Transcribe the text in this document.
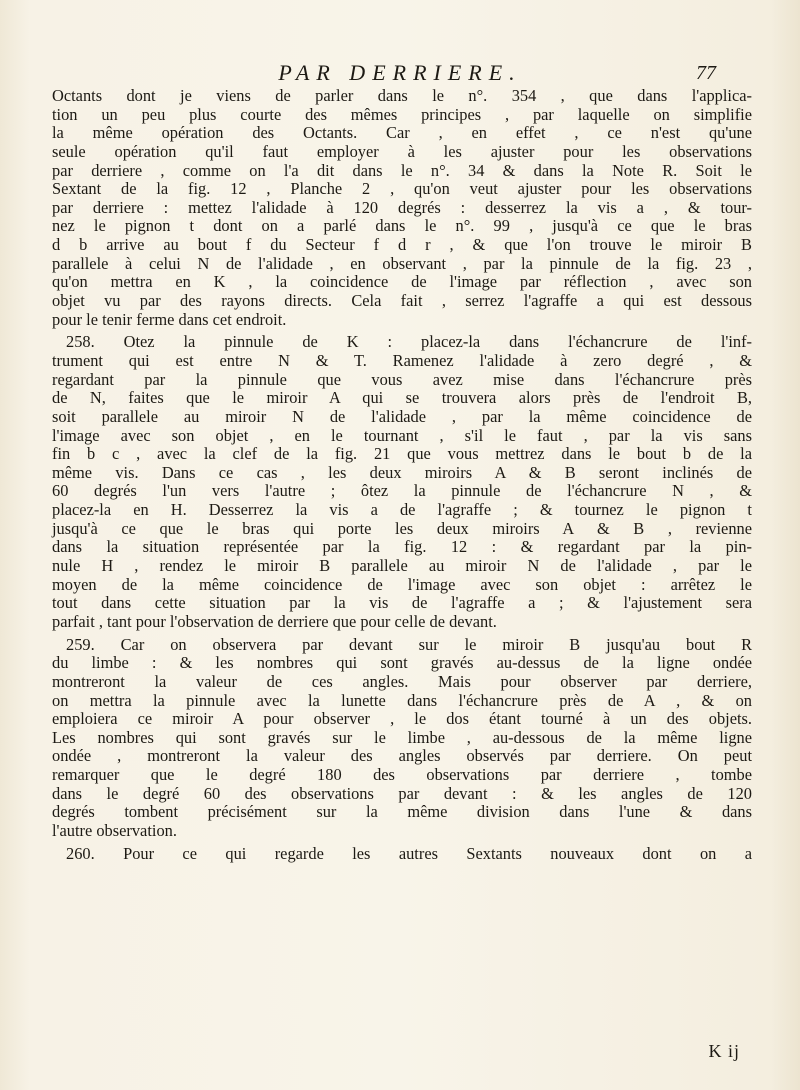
PAR DERRIERE.	77
Octants dont je viens de parler dans le n°. 354 , que dans l'applica-
tion un peu plus courte des mêmes principes , par laquelle on simplifie
la même opération des Octants. Car , en effet , ce n'est qu'une
seule opération qu'il faut employer à les ajuster pour les observations
par derriere , comme on l'a dit dans le n°. 34 & dans la Note R. Soit le
Sextant de la fig. 12 , Planche 2 , qu'on veut ajuster pour les observations
par derriere : mettez l'alidade à 120 degrés : desserrez la vis a , & tour-
nez le pignon t dont on a parlé dans le n°. 99 , jusqu'à ce que le bras
d b arrive au bout f du Secteur f d r , & que l'on trouve le miroir B
parallele à celui N de l'alidade , en observant , par la pinnule de la fig. 23 ,
qu'on mettra en K , la coincidence de l'image par réflection , avec son
objet vu par des rayons directs. Cela fait , serrez l'agraffe a qui est dessous
pour le tenir ferme dans cet endroit.
258. Otez la pinnule de K : placez-la dans l'échancrure de l'inf-
trument qui est entre N & T. Ramenez l'alidade à zero degré , &
regardant par la pinnule que vous avez mise dans l'échancrure près
de N, faites que le miroir A qui se trouvera alors près de l'endroit B,
soit parallele au miroir N de l'alidade , par la même coincidence de
l'image avec son objet , en le tournant , s'il le faut , par la vis sans
fin b c , avec la clef de la fig. 21 que vous mettrez dans le bout b de la
même vis. Dans ce cas , les deux miroirs A & B seront inclinés de
60 degrés l'un vers l'autre ; ôtez la pinnule de l'échancrure N , &
placez-la en H. Desserrez la vis a de l'agraffe ; & tournez le pignon t
jusqu'à ce que le bras qui porte les deux miroirs A & B , revienne
dans la situation représentée par la fig. 12 : & regardant par la pin-
nule H , rendez le miroir B parallele au miroir N de l'alidade , par le
moyen de la même coincidence de l'image avec son objet : arrêtez le
tout dans cette situation par la vis de l'agraffe a ; & l'ajustement sera
parfait , tant pour l'observation de derriere que pour celle de devant.
259. Car on observera par devant sur le miroir B jusqu'au bout R
du limbe : & les nombres qui sont gravés au-dessus de la ligne ondée
montreront la valeur de ces angles. Mais pour observer par derriere,
on mettra la pinnule avec la lunette dans l'échancrure près de A , & on
emploiera ce miroir A pour observer , le dos étant tourné à un des objets.
Les nombres qui sont gravés sur le limbe , au-dessous de la même ligne
ondée , montreront la valeur des angles observés par derriere. On peut
remarquer que le degré 180 des observations par derriere , tombe
dans le degré 60 des observations par devant : & les angles de 120
degrés tombent précisément sur la même division dans l'une & dans
l'autre observation.
260. Pour ce qui regarde les autres Sextants nouveaux dont on a
K ij
